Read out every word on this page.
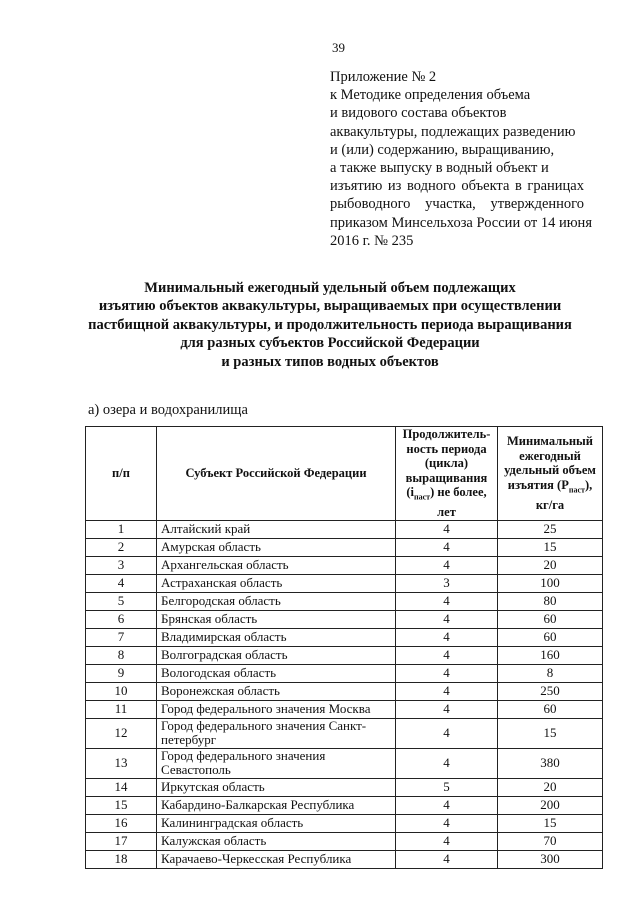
39
Приложение № 2
к Методике определения объема
и видового состава объектов
аквакультуры, подлежащих разведению
и (или) содержанию, выращиванию,
а также выпуску в водный объект и
изъятию из водного объекта в границах
рыбоводного участка, утвержденного
приказом Минсельхоза России от 14 июня
2016 г. № 235
Минимальный ежегодный удельный объем подлежащих
изъятию объектов аквакультуры, выращиваемых при осуществлении
пастбищной аквакультуры, и продолжительность периода выращивания
для разных субъектов Российской Федерации
и разных типов водных объектов
а) озера и водохранилища
п/п	Субъект Российской Федерации	Продолжитель-ность периода (цикла) выращивания $(i_{паст})$ не более, лет	Минимальный ежегодный удельный объем изъятия $(P_{паст})$, кг/га
1	Алтайский край	4	25
2	Амурская область	4	15
3	Архангельская область	4	20
4	Астраханская область	3	100
5	Белгородская область	4	80
6	Брянская область	4	60
7	Владимирская область	4	60
8	Волгоградская область	4	160
9	Вологодская область	4	8
10	Воронежская область	4	250
11	Город федерального значения Москва	4	60
12	Город федерального значения Санкт-петербург	4	15
13	Город федерального значения Севастополь	4	380
14	Иркутская область	5	20
15	Кабардино-Балкарская Республика	4	200
16	Калининградская область	4	15
17	Калужская область	4	70
18	Карачаево-Черкесская Республика	4	300
